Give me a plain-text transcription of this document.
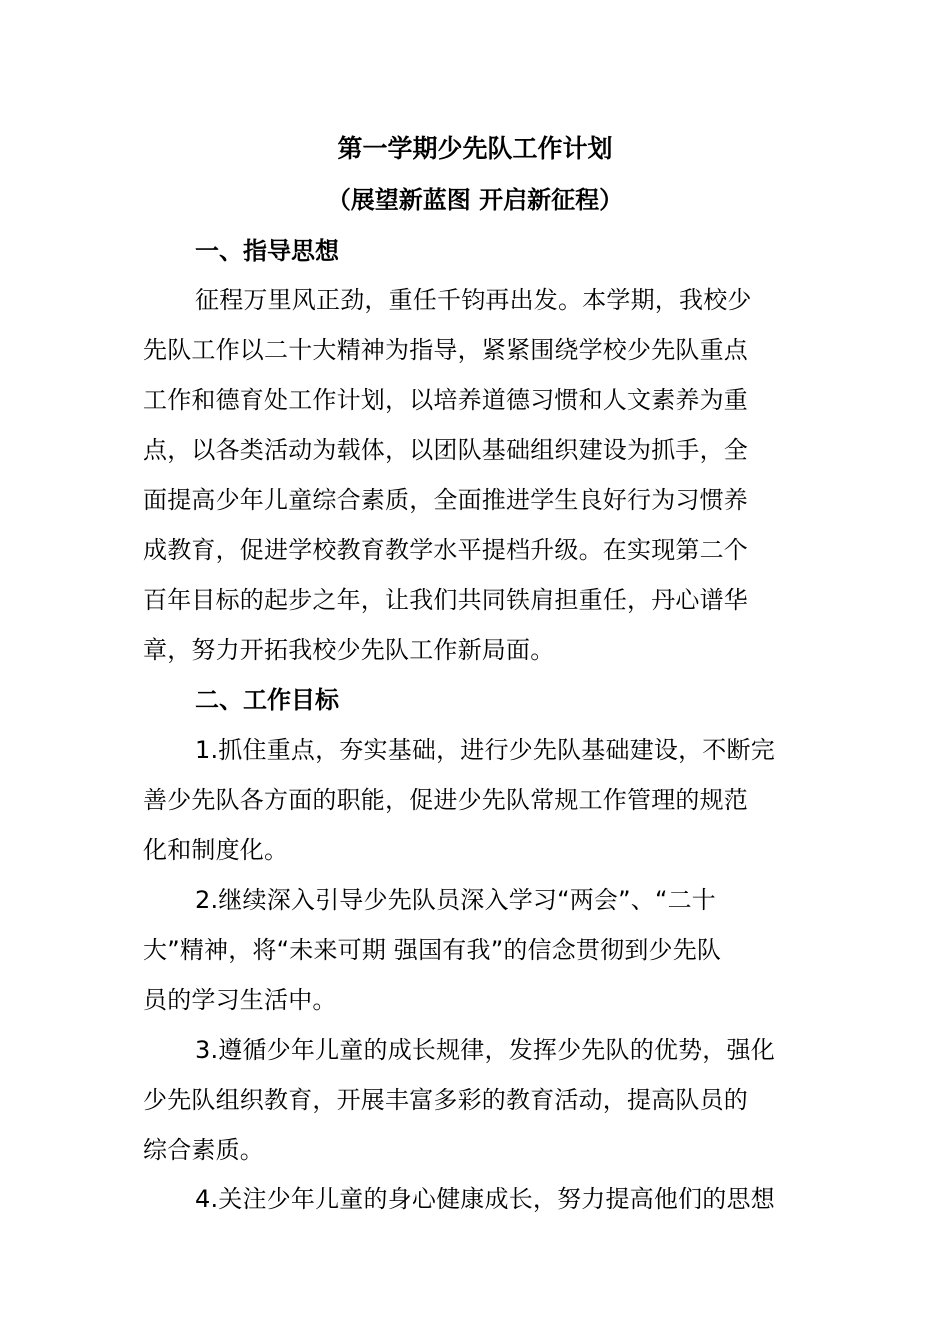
第一学期少先队工作计划
（展望新蓝图 开启新征程）
一、指导思想
征程万里风正劲，重任千钧再出发。本学期，我校少
先队工作以二十大精神为指导，紧紧围绕学校少先队重点
工作和德育处工作计划，以培养道德习惯和人文素养为重
点，以各类活动为载体，以团队基础组织建设为抓手，全
面提高少年儿童综合素质，全面推进学生良好行为习惯养
成教育，促进学校教育教学水平提档升级。在实现第二个
百年目标的起步之年，让我们共同铁肩担重任，丹心谱华
章，努力开拓我校少先队工作新局面。
二、工作目标
1.抓住重点，夯实基础，进行少先队基础建设，不断完
善少先队各方面的职能，促进少先队常规工作管理的规范
化和制度化。
2.继续深入引导少先队员深入学习“两会”、“二十
大”精神，将“未来可期 强国有我”的信念贯彻到少先队
员的学习生活中。
3.遵循少年儿童的成长规律，发挥少先队的优势，强化
少先队组织教育，开展丰富多彩的教育活动，提高队员的
综合素质。
4.关注少年儿童的身心健康成长，努力提高他们的思想
